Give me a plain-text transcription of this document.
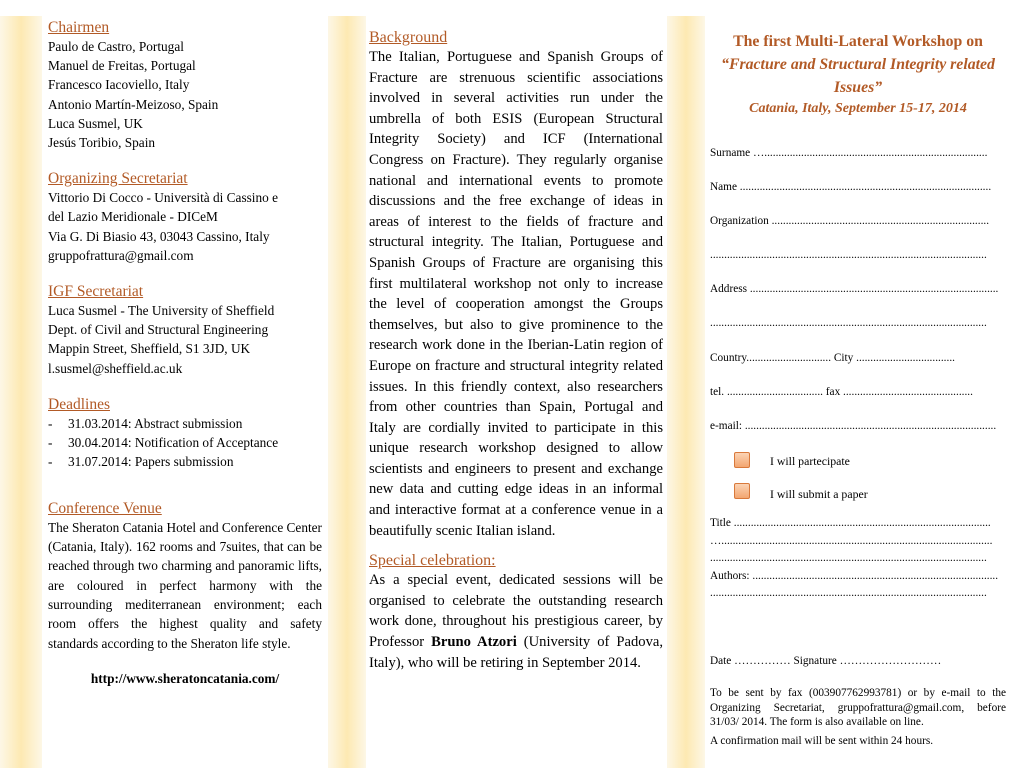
Chairmen
Paulo de Castro, Portugal
Manuel de Freitas, Portugal
Francesco Iacoviello, Italy
Antonio Martín-Meizoso, Spain
Luca Susmel, UK
Jesús Toribio, Spain
Organizing Secretariat
Vittorio Di Cocco - Università di Cassino e
del Lazio Meridionale - DICeM
Via G. Di Biasio 43, 03043 Cassino, Italy
gruppofrattura@gmail.com
IGF Secretariat
Luca Susmel - The University of Sheffield
Dept. of Civil and Structural Engineering
Mappin Street, Sheffield, S1 3JD, UK
l.susmel@sheffield.ac.uk
Deadlines
- 31.03.2014: Abstract submission
- 30.04.2014: Notification of Acceptance
- 31.07.2014: Papers submission
Conference Venue
The Sheraton Catania Hotel and Conference Center (Catania, Italy). 162 rooms and 7suites, that can be reached through two charming and panoramic lifts, are coloured in perfect harmony with the surrounding mediterranean environment; each room offers the highest quality and safety standards according to the Sheraton life style.
http://www.sheratoncatania.com/
Background
The Italian, Portuguese and Spanish Groups of Fracture are strenuous scientific associations involved in several activities run under the umbrella of both ESIS (European Structural Integrity Society) and ICF (International Congress on Fracture). They regularly organise national and international events to promote discussions and the free exchange of ideas in areas of interest to the fields of fracture and structural integrity. The Italian, Portuguese and Spanish Groups of Fracture are organising this first multilateral workshop not only to increase the level of cooperation amongst the Groups themselves, but also to give prominence to the research work done in the Iberian-Latin region of Europe on fracture and structural integrity related issues. In this friendly context, also researchers from other countries than Spain, Portugal and Italy are cordially invited to participate in this unique research workshop designed to allow scientists and engineers to present and exchange new data and cutting edge ideas in an informal and interactive format at a conference venue in a beautifully scenic Italian island.
Special celebration:
As a special event, dedicated sessions will be organised to celebrate the outstanding research work done, throughout his prestigious career, by Professor Bruno Atzori (University of Padova, Italy), who will be retiring in September 2014.
The first Multi-Lateral Workshop on
“Fracture and Structural Integrity related Issues”
Catania, Italy, September 15-17, 2014
Surname …...............................................................................
Name .........................................................................................
Organization .............................................................................
..................................................................................................
Address ........................................................................................
..................................................................................................
Country.............................. City ...................................
tel. .................................. fax ..............................................
e-mail: .........................................................................................
I will partecipate
I will submit a paper
Title ...........................................................................................
…................................................................................................
..................................................................................................
Authors: .......................................................................................
..................................................................................................
Date …………… Signature ………………………
To be sent by fax (003907762993781) or by e-mail to the Organizing Secretariat, gruppofrattura@gmail.com, before 31/03/ 2014. The form is also available on line.
A confirmation mail will be sent within 24 hours.
